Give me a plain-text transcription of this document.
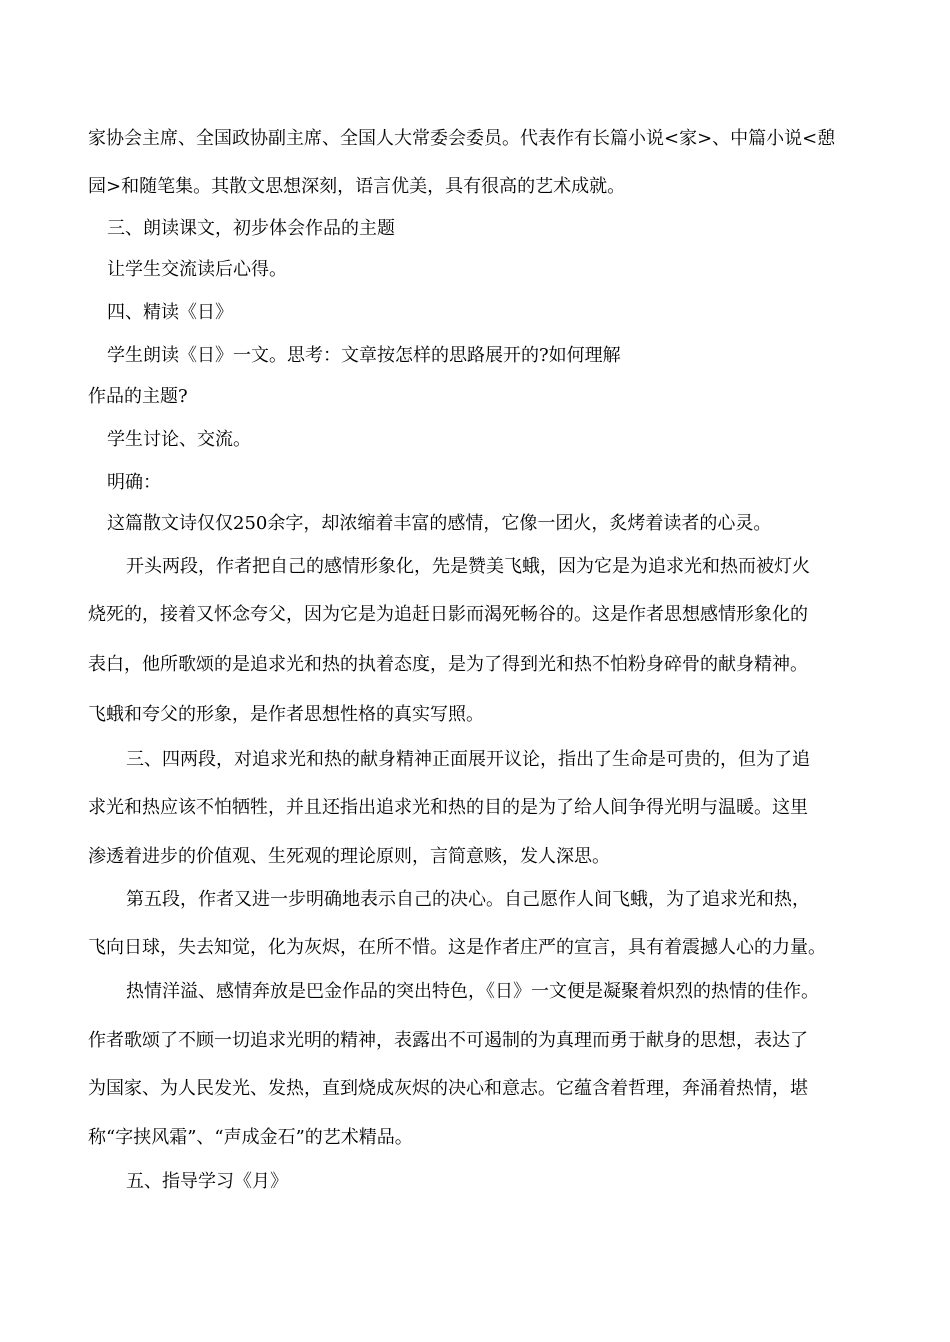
家协会主席、全国政协副主席、全国人大常委会委员。代表作有长篇小说<家>、中篇小说<憩
园>和随笔集。其散文思想深刻，语言优美，具有很高的艺术成就。
三、朗读课文，初步体会作品的主题
让学生交流读后心得。
四、精读《日》
学生朗读《日》一文。思考：文章按怎样的思路展开的?如何理解
作品的主题?
学生讨论、交流。
明确：
这篇散文诗仅仅250余字，却浓缩着丰富的感情，它像一团火，炙烤着读者的心灵。
开头两段，作者把自己的感情形象化，先是赞美飞蛾，因为它是为追求光和热而被灯火
烧死的，接着又怀念夸父，因为它是为追赶日影而渴死畅谷的。这是作者思想感情形象化的
表白，他所歌颂的是追求光和热的执着态度，是为了得到光和热不怕粉身碎骨的献身精神。
飞蛾和夸父的形象，是作者思想性格的真实写照。
三、四两段，对追求光和热的献身精神正面展开议论，指出了生命是可贵的，但为了追
求光和热应该不怕牺牲，并且还指出追求光和热的目的是为了给人间争得光明与温暖。这里
渗透着进步的价值观、生死观的理论原则，言简意赅，发人深思。
第五段，作者又进一步明确地表示自己的决心。自己愿作人间飞蛾，为了追求光和热，
飞向日球，失去知觉，化为灰烬，在所不惜。这是作者庄严的宣言，具有着震撼人心的力量。
热情洋溢、感情奔放是巴金作品的突出特色，《日》一文便是凝聚着炽烈的热情的佳作。
作者歌颂了不顾一切追求光明的精神，表露出不可遏制的为真理而勇于献身的思想，表达了
为国家、为人民发光、发热，直到烧成灰烬的决心和意志。它蕴含着哲理，奔涌着热情，堪
称“字挟风霜”、“声成金石”的艺术精品。
五、指导学习《月》
